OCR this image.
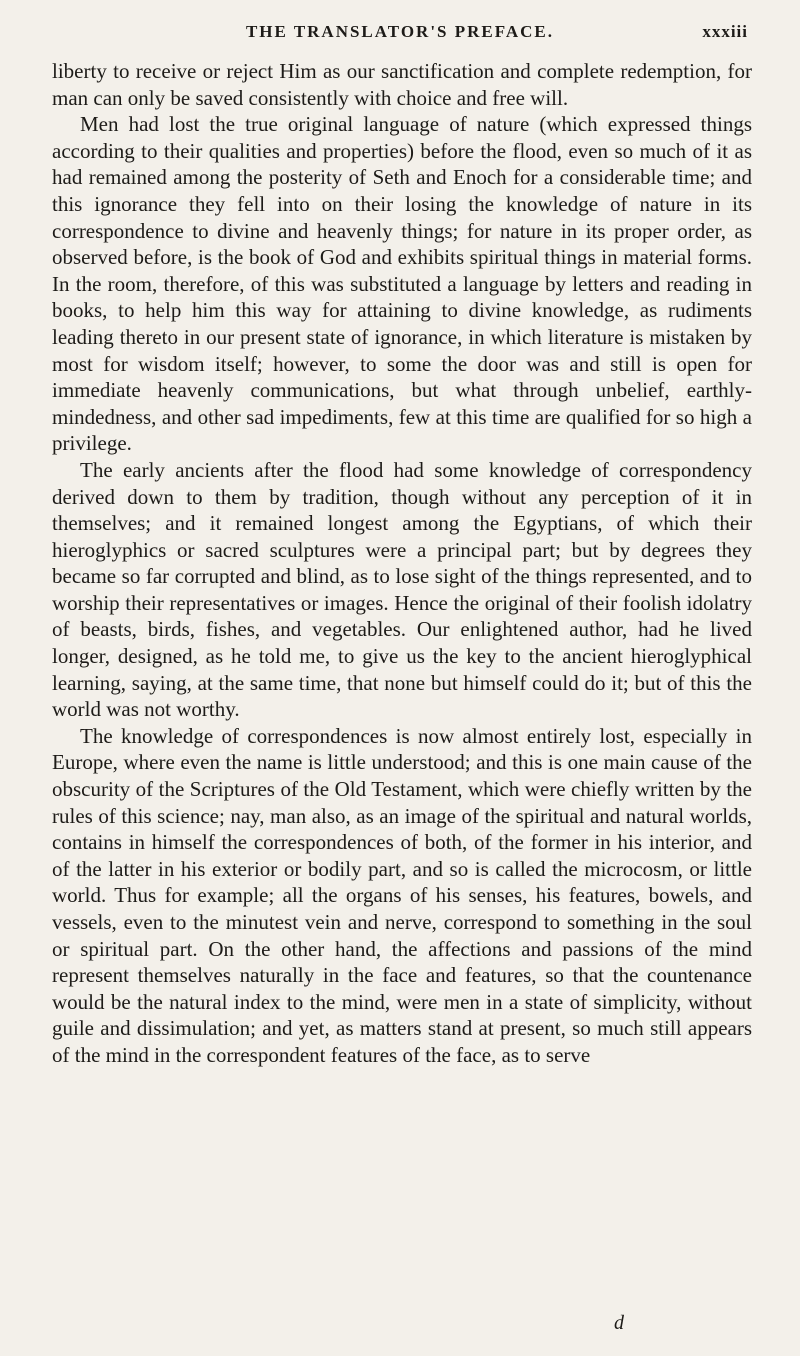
THE TRANSLATOR'S PREFACE.	xxxiii

liberty to receive or reject Him as our sanctification and complete redemption, for man can only be saved consistently with choice and free will.

Men had lost the true original language of nature (which expressed things according to their qualities and properties) before the flood, even so much of it as had remained among the posterity of Seth and Enoch for a considerable time; and this ignorance they fell into on their losing the knowledge of nature in its correspondence to divine and heavenly things; for nature in its proper order, as observed before, is the book of God and exhibits spiritual things in material forms. In the room, therefore, of this was substituted a language by letters and reading in books, to help him this way for attaining to divine knowledge, as rudiments leading thereto in our present state of ignorance, in which literature is mistaken by most for wisdom itself; however, to some the door was and still is open for immediate heavenly communications, but what through unbelief, earthly-mindedness, and other sad impediments, few at this time are qualified for so high a privilege.

The early ancients after the flood had some knowledge of correspondency derived down to them by tradition, though without any perception of it in themselves; and it remained longest among the Egyptians, of which their hieroglyphics or sacred sculptures were a principal part; but by degrees they became so far corrupted and blind, as to lose sight of the things represented, and to worship their representatives or images. Hence the original of their foolish idolatry of beasts, birds, fishes, and vegetables. Our enlightened author, had he lived longer, designed, as he told me, to give us the key to the ancient hieroglyphical learning, saying, at the same time, that none but himself could do it; but of this the world was not worthy.

The knowledge of correspondences is now almost entirely lost, especially in Europe, where even the name is little understood; and this is one main cause of the obscurity of the Scriptures of the Old Testament, which were chiefly written by the rules of this science; nay, man also, as an image of the spiritual and natural worlds, contains in himself the correspondences of both, of the former in his interior, and of the latter in his exterior or bodily part, and so is called the microcosm, or little world. Thus for example; all the organs of his senses, his features, bowels, and vessels, even to the minutest vein and nerve, correspond to something in the soul or spiritual part. On the other hand, the affections and passions of the mind represent themselves naturally in the face and features, so that the countenance would be the natural index to the mind, were men in a state of simplicity, without guile and dissimulation; and yet, as matters stand at present, so much still appears of the mind in the correspondent features of the face, as to serve

d
